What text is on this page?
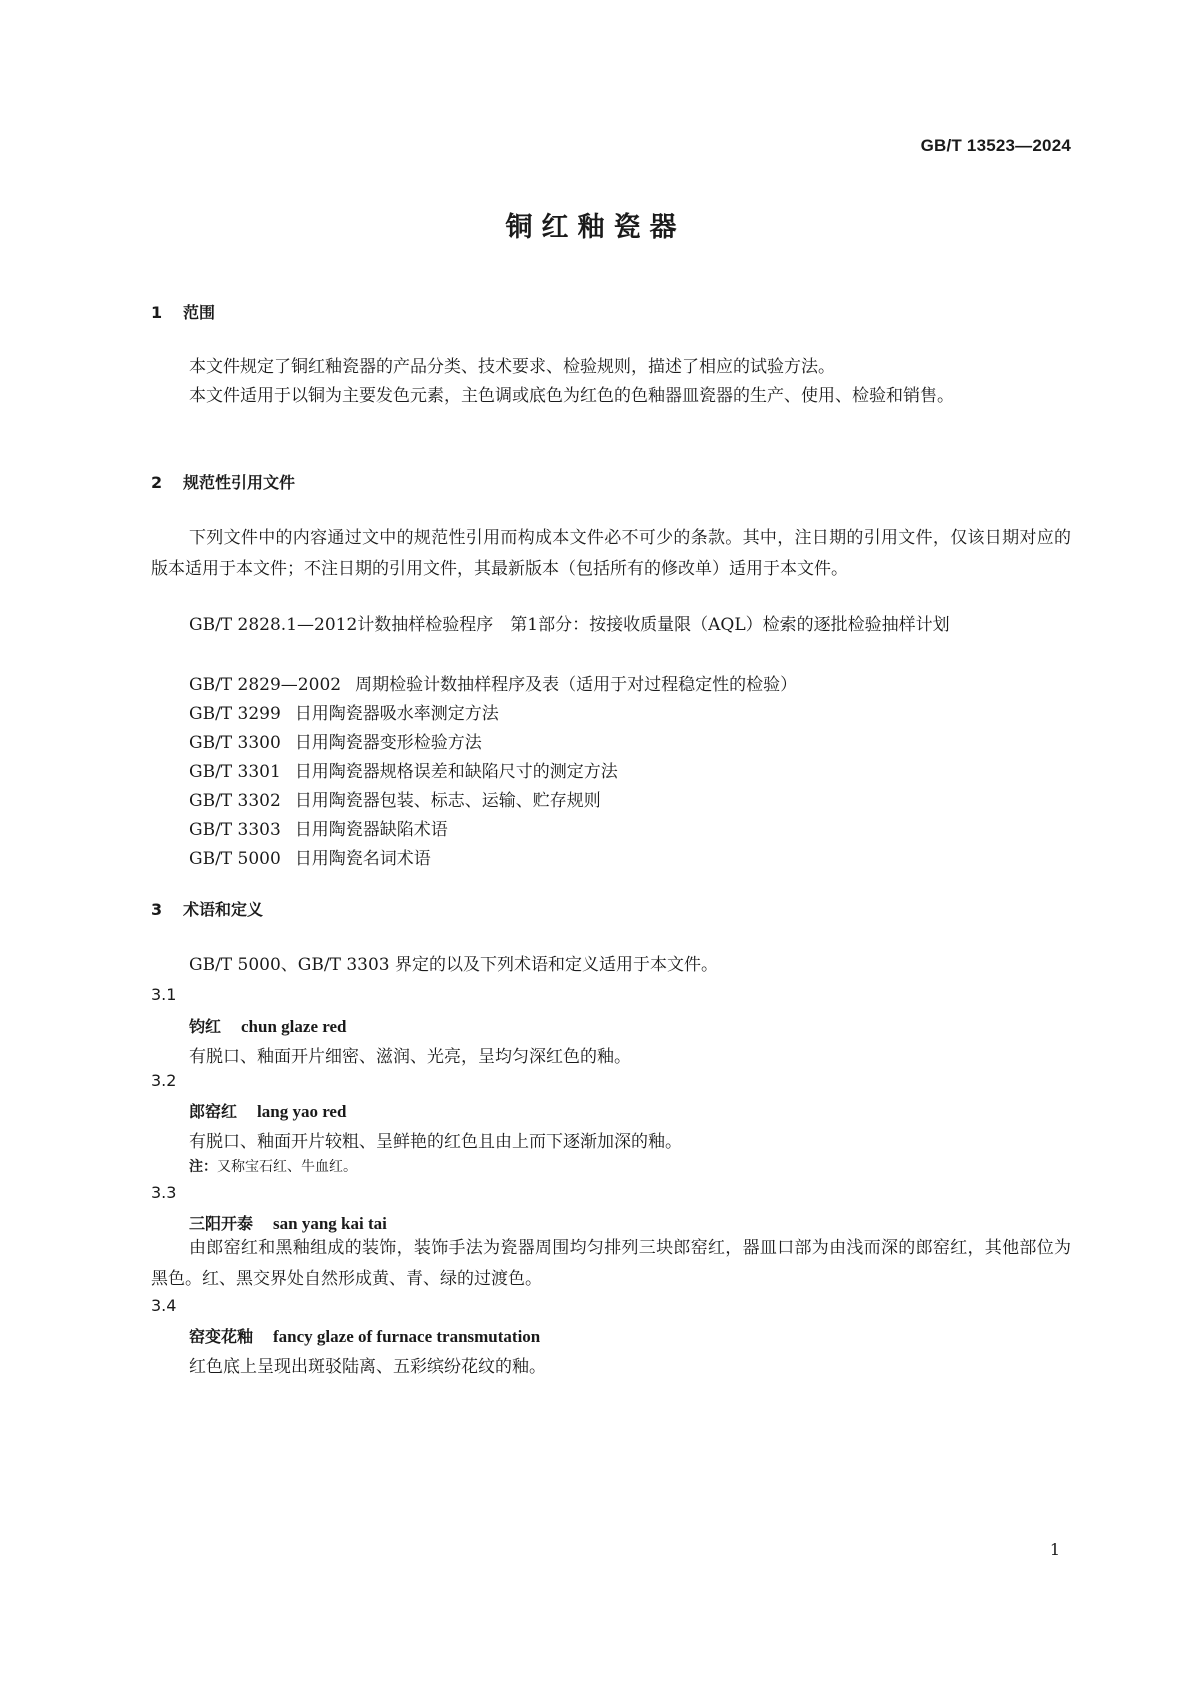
GB/T 13523—2024
铜红釉瓷器
1 范围
本文件规定了铜红釉瓷器的产品分类、技术要求、检验规则，描述了相应的试验方法。
本文件适用于以铜为主要发色元素，主色调或底色为红色的色釉器皿瓷器的生产、使用、检验和销售。
2 规范性引用文件
下列文件中的内容通过文中的规范性引用而构成本文件必不可少的条款。其中，注日期的引用文件，仅该日期对应的版本适用于本文件；不注日期的引用文件，其最新版本（包括所有的修改单）适用于本文件。
GB/T 2828.1—2012计数抽样检验程序　第1部分：按接收质量限（AQL）检索的逐批检验抽样计划
GB/T 2829—2002 周期检验计数抽样程序及表（适用于对过程稳定性的检验）
GB/T 3299 日用陶瓷器吸水率测定方法
GB/T 3300 日用陶瓷器变形检验方法
GB/T 3301 日用陶瓷器规格误差和缺陷尺寸的测定方法
GB/T 3302 日用陶瓷器包装、标志、运输、贮存规则
GB/T 3303 日用陶瓷器缺陷术语
GB/T 5000 日用陶瓷名词术语
3 术语和定义
GB/T 5000、GB/T 3303 界定的以及下列术语和定义适用于本文件。
3.1
钧红 chun glaze red
有脱口、釉面开片细密、滋润、光亮，呈均匀深红色的釉。
3.2
郎窑红 lang yao red
有脱口、釉面开片较粗、呈鲜艳的红色且由上而下逐渐加深的釉。
注：又称宝石红、牛血红。
3.3
三阳开泰 san yang kai tai
由郎窑红和黑釉组成的装饰，装饰手法为瓷器周围均匀排列三块郎窑红，器皿口部为由浅而深的郎窑红，其他部位为黑色。红、黑交界处自然形成黄、青、绿的过渡色。
3.4
窑变花釉 fancy glaze of furnace transmutation
红色底上呈现出斑驳陆离、五彩缤纷花纹的釉。
1
